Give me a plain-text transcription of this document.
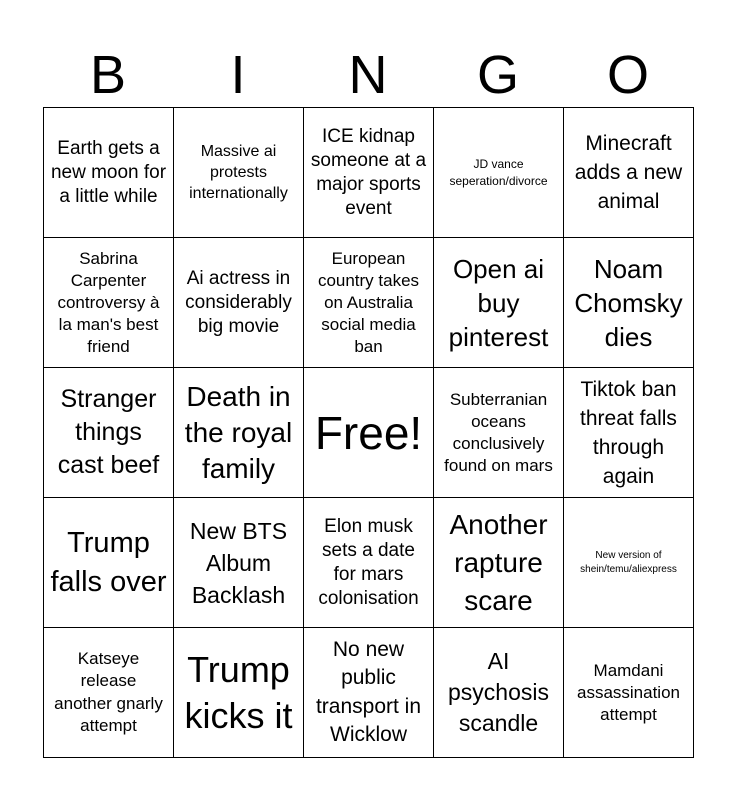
B	I	N	G	O
Earth gets a new moon for a little while
Massive ai protests internationally
ICE kidnap someone at a major sports event
JD vance seperation/divorce
Minecraft adds a new animal
Sabrina Carpenter controversy à la man's best friend
Ai actress in considerably big movie
European country takes on Australia social media ban
Open ai buy pinterest
Noam Chomsky dies
Stranger things cast beef
Death in the royal family
Free!
Subterranian oceans conclusively found on mars
Tiktok ban threat falls through again
Trump falls over
New BTS Album Backlash
Elon musk sets a date for mars colonisation
Another rapture scare
New version of shein/temu/aliexpress
Katseye release another gnarly attempt
Trump kicks it
No new public transport in Wicklow
AI psychosis scandle
Mamdani assassination attempt
